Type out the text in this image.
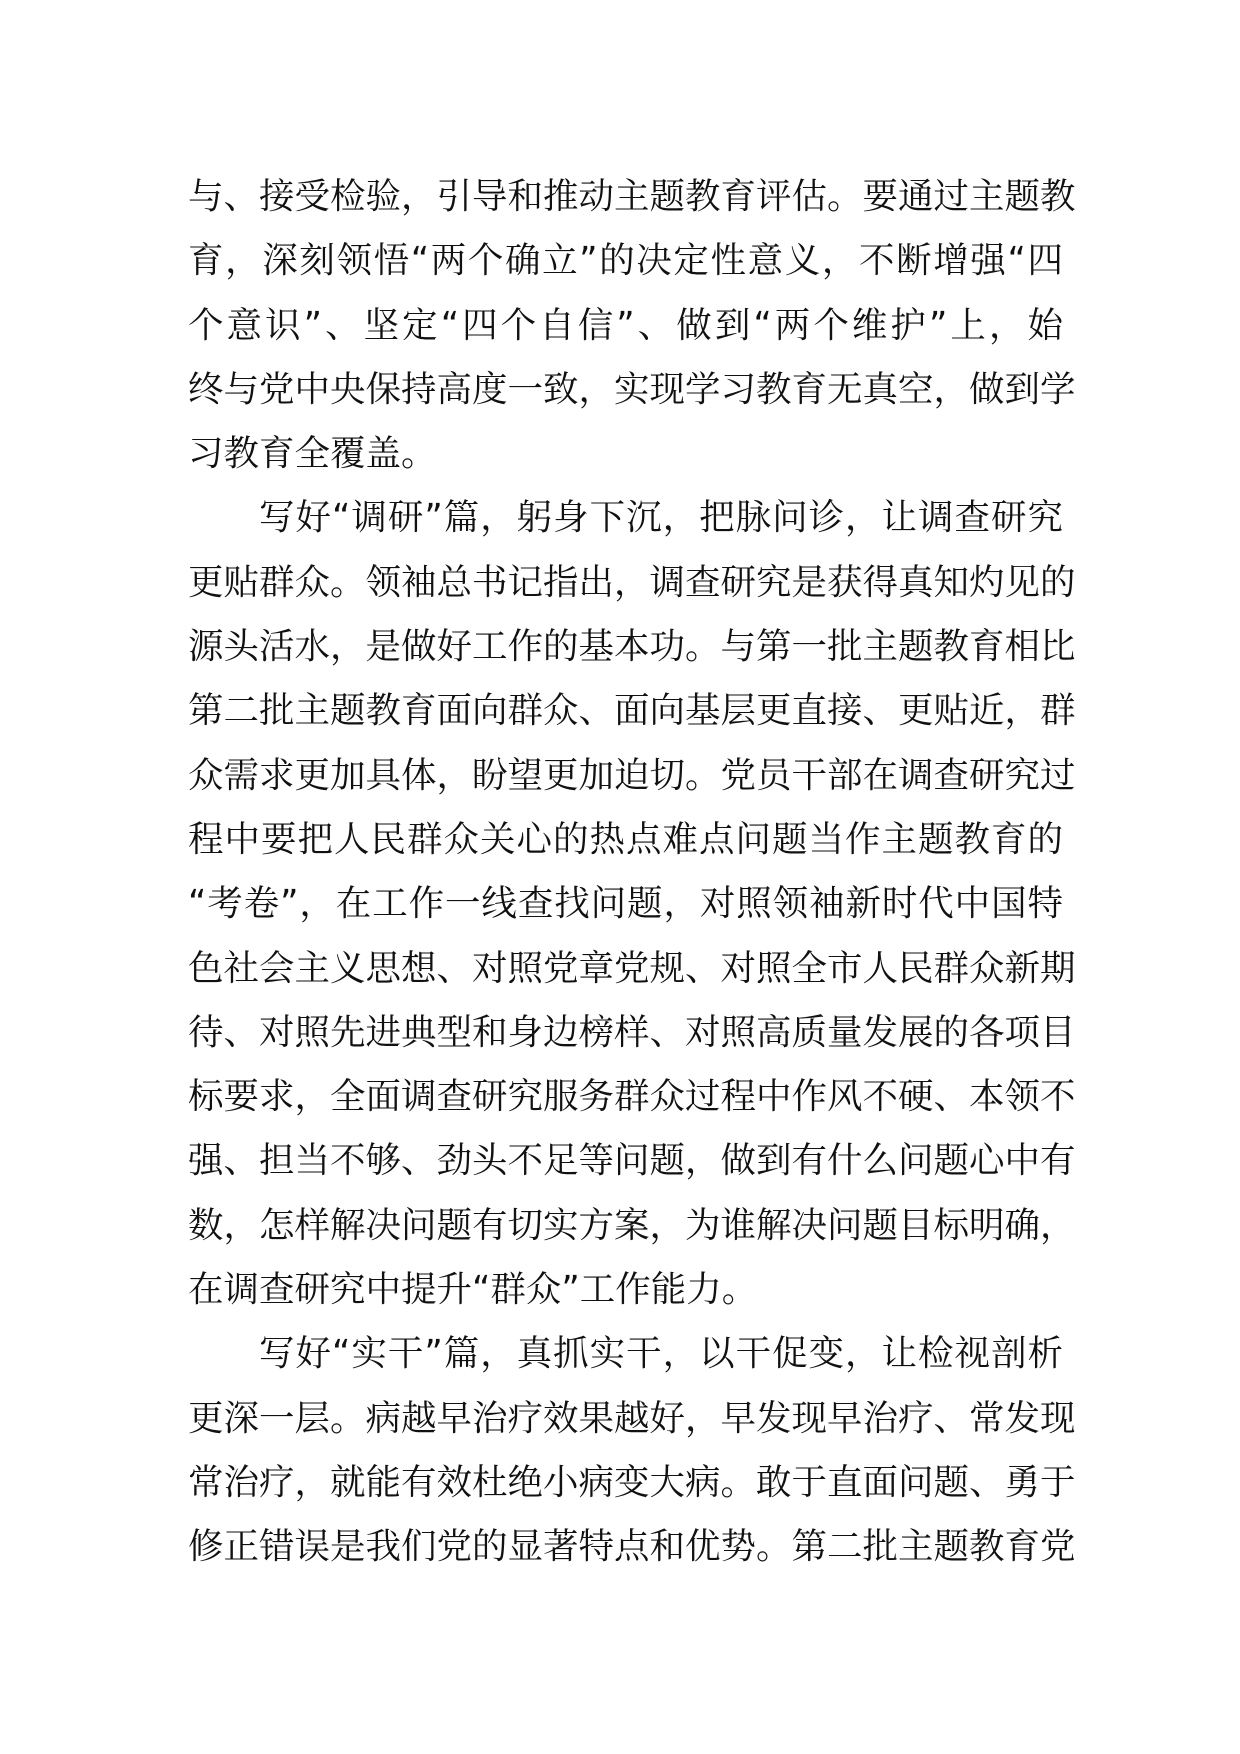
与、接受检验，引导和推动主题教育评估。要通过主题教
育，深刻领悟“两个确立”的决定性意义，不断增强“四
个意识”、坚定“四个自信”、做到“两个维护”上，始
终与党中央保持高度一致，实现学习教育无真空，做到学
习教育全覆盖。
写好“调研”篇，躬身下沉，把脉问诊，让调查研究
更贴群众。领袖总书记指出，调查研究是获得真知灼见的
源头活水，是做好工作的基本功。与第一批主题教育相比
第二批主题教育面向群众、面向基层更直接、更贴近，群
众需求更加具体，盼望更加迫切。党员干部在调查研究过
程中要把人民群众关心的热点难点问题当作主题教育的
“考卷”，在工作一线查找问题，对照领袖新时代中国特
色社会主义思想、对照党章党规、对照全市人民群众新期
待、对照先进典型和身边榜样、对照高质量发展的各项目
标要求，全面调查研究服务群众过程中作风不硬、本领不
强、担当不够、劲头不足等问题，做到有什么问题心中有
数，怎样解决问题有切实方案，为谁解决问题目标明确，
在调查研究中提升“群众”工作能力。
写好“实干”篇，真抓实干，以干促变，让检视剖析
更深一层。病越早治疗效果越好，早发现早治疗、常发现
常治疗，就能有效杜绝小病变大病。敢于直面问题、勇于
修正错误是我们党的显著特点和优势。第二批主题教育党
